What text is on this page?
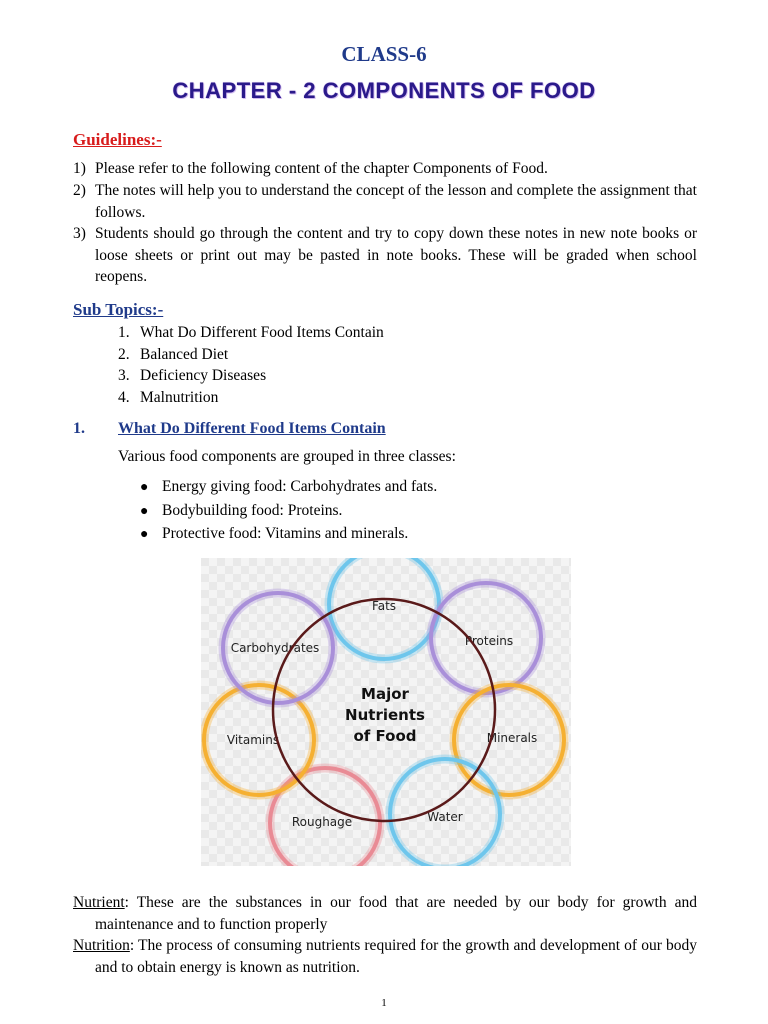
CLASS-6
CHAPTER - 2 COMPONENTS OF FOOD
Guidelines:-
1) Please refer to the following content of the chapter Components of Food.
2) The notes will help you to understand the concept of the lesson and complete the assignment that follows.
3) Students should go through the content and try to copy down these notes in new note books or loose sheets or print out may be pasted in note books. These will be graded when school reopens.
Sub Topics:-
1. What Do Different Food Items Contain
2. Balanced Diet
3. Deficiency Diseases
4. Malnutrition
1. What Do Different Food Items Contain
Various food components are grouped in three classes:
● Energy giving food: Carbohydrates and fats.
● Bodybuilding food: Proteins.
● Protective food: Vitamins and minerals.
Fats
Proteins
Minerals
Water
Roughage
Vitamins
Carbohydrates
Major
Nutrients
of Food
Nutrient: These are the substances in our food that are needed by our body for growth and maintenance and to function properly
Nutrition: The process of consuming nutrients required for the growth and development of our body and to obtain energy is known as nutrition.
1
